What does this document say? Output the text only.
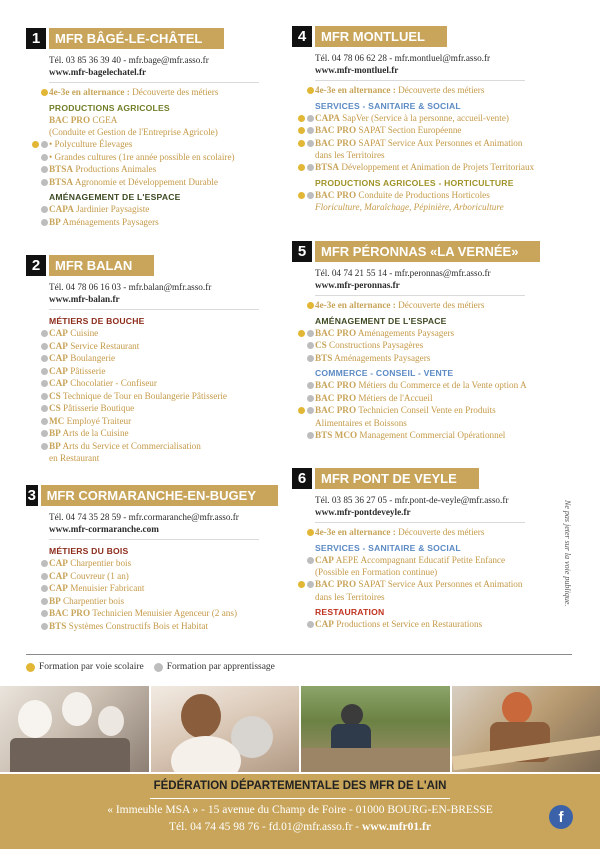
1	MFR BÂGÉ-LE-CHÂTEL
Tél. 03 85 36 39 40 - mfr.bage@mfr.asso.fr
www.mfr-bagelechatel.fr
4e-3e en alternance : Découverte des métiers
PRODUCTIONS AGRICOLES
BAC PRO CGEA
(Conduite et Gestion de l'Entreprise Agricole)
• Polyculture Élevages
• Grandes cultures (1re année possible en scolaire)
BTSA Productions Animales
BTSA Agronomie et Développement Durable
AMÉNAGEMENT DE L'ESPACE
CAPA Jardinier Paysagiste
BP Aménagements Paysagers
2	MFR BALAN
Tél. 04 78 06 16 03 - mfr.balan@mfr.asso.fr
www.mfr-balan.fr
MÉTIERS DE BOUCHE
CAP Cuisine
CAP Service Restaurant
CAP Boulangerie
CAP Pâtisserie
CAP Chocolatier - Confiseur
CS Technique de Tour en Boulangerie Pâtisserie
CS Pâtisserie Boutique
MC Employé Traiteur
BP Arts de la Cuisine
BP Arts du Service et Commercialisation
en Restaurant
3 MFR CORMARANCHE-EN-BUGEY
Tél. 04 74 35 28 59 - mfr.cormaranche@mfr.asso.fr
www.mfr-cormaranche.com
MÉTIERS DU BOIS
CAP Charpentier bois
CAP Couvreur (1 an)
CAP Menuisier Fabricant
BP Charpentier bois
BAC PRO Technicien Menuisier Agenceur (2 ans)
BTS Systèmes Constructifs Bois et Habitat
4	MFR MONTLUEL
Tél. 04 78 06 62 28 - mfr.montluel@mfr.asso.fr
www.mfr-montluel.fr
4e-3e en alternance : Découverte des métiers
SERVICES - SANITAIRE & SOCIAL
CAPA SapVer (Service à la personne, accueil-vente)
BAC PRO SAPAT Section Européenne
BAC PRO SAPAT Service Aux Personnes et Animation
dans les Territoires
BTSA Développement et Animation de Projets Territoriaux
PRODUCTIONS AGRICOLES - HORTICULTURE
BAC PRO Conduite de Productions Horticoles
Floriculture, Maraîchage, Pépinière, Arboriculture
5	MFR PÉRONNAS «LA VERNÉE»
Tél. 04 74 21 55 14 - mfr.peronnas@mfr.asso.fr
www.mfr-peronnas.fr
4e-3e en alternance : Découverte des métiers
AMÉNAGEMENT DE L'ESPACE
BAC PRO Aménagements Paysagers
CS Constructions Paysagères
BTS Aménagements Paysagers
COMMERCE - CONSEIL - VENTE
BAC PRO Métiers du Commerce et de la Vente option A
BAC PRO Métiers de l'Accueil
BAC PRO Technicien Conseil Vente en Produits
Alimentaires et Boissons
BTS MCO Management Commercial Opérationnel
6	MFR PONT DE VEYLE
Tél. 03 85 36 27 05 - mfr.pont-de-veyle@mfr.asso.fr
www.mfr-pontdeveyle.fr
4e-3e en alternance : Découverte des métiers
SERVICES - SANITAIRE & SOCIAL
CAP AEPE Accompagnant Educatif Petite Enfance
(Possible en Formation continue)
BAC PRO SAPAT Service Aux Personnes et Animation
dans les Territoires
RESTAURATION
CAP Productions et Service en Restaurations
Ne pas jeter sur la voie publique.
Formation par voie scolaire Formation par apprentissage
FÉDÉRATION DÉPARTEMENTALE DES MFR DE L'AIN
« Immeuble MSA » - 15 avenue du Champ de Foire - 01000 BOURG-EN-BRESSE
Tél. 04 74 45 98 76 - fd.01@mfr.asso.fr - www.mfr01.fr
f
